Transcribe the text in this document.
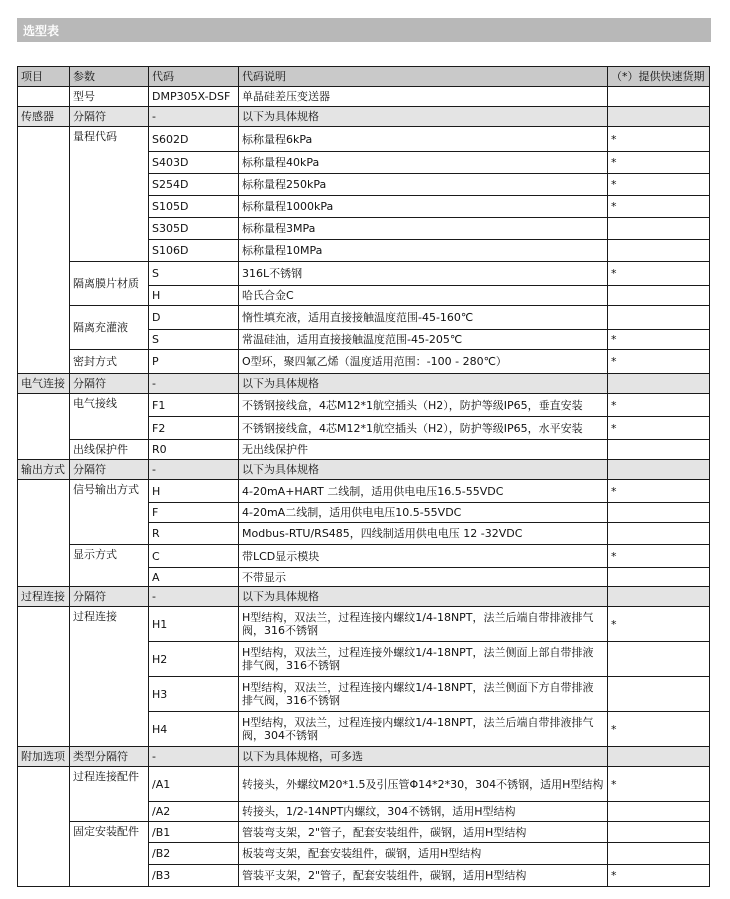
选型表
项目	参数	代码	代码说明	（*）提供快速货期
	型号	DMP305X-DSF	单晶硅差压变送器	
传感器	分隔符	-	以下为具体规格	
	量程代码	S602D	标称量程6kPa	*
		S403D	标称量程40kPa	*
		S254D	标称量程250kPa	*
		S105D	标称量程1000kPa	*
		S305D	标称量程3MPa	
		S106D	标称量程10MPa	
	隔离膜片材质	S	316L不锈钢	*
		H	哈氏合金C	
	隔离充灌液	D	惰性填充液，适用直接接触温度范围-45-160℃	
		S	常温硅油，适用直接接触温度范围-45-205℃	*
	密封方式	P	O型环，聚四氟乙烯（温度适用范围：-100 - 280℃）	*
电气连接	分隔符	-	以下为具体规格	
	电气接线	F1	不锈钢接线盒，4芯M12*1航空插头（H2），防护等级IP65，垂直安装	*
		F2	不锈钢接线盒，4芯M12*1航空插头（H2），防护等级IP65，水平安装	*
	出线保护件	R0	无出线保护件	
输出方式	分隔符	-	以下为具体规格	
	信号输出方式	H	4-20mA+HART 二线制，适用供电电压16.5-55VDC	*
		F	4-20mA二线制，适用供电电压10.5-55VDC	
		R	Modbus-RTU/RS485，四线制适用供电电压 12 -32VDC	
	显示方式	C	带LCD显示模块	*
		A	不带显示	
过程连接	分隔符	-	以下为具体规格	
	过程连接	H1	H型结构，双法兰，过程连接内螺纹1/4-18NPT，法兰后端自带排液排气阀，316不锈钢	*
		H2	H型结构，双法兰，过程连接外螺纹1/4-18NPT，法兰侧面上部自带排液排气阀，316不锈钢	
		H3	H型结构，双法兰，过程连接内螺纹1/4-18NPT，法兰侧面下方自带排液排气阀，316不锈钢	
		H4	H型结构，双法兰，过程连接内螺纹1/4-18NPT，法兰后端自带排液排气阀，304不锈钢	*
附加选项	类型分隔符	-	以下为具体规格，可多选	
	过程连接配件	/A1	转接头，外螺纹M20*1.5及引压管Φ14*2*30，304不锈钢，适用H型结构	*
		/A2	转接头，1/2-14NPT内螺纹，304不锈钢，适用H型结构	
	固定安装配件	/B1	管装弯支架，2"管子，配套安装组件，碳钢，适用H型结构	
		/B2	板装弯支架，配套安装组件，碳钢，适用H型结构	
		/B3	管装平支架，2"管子，配套安装组件，碳钢，适用H型结构	*
